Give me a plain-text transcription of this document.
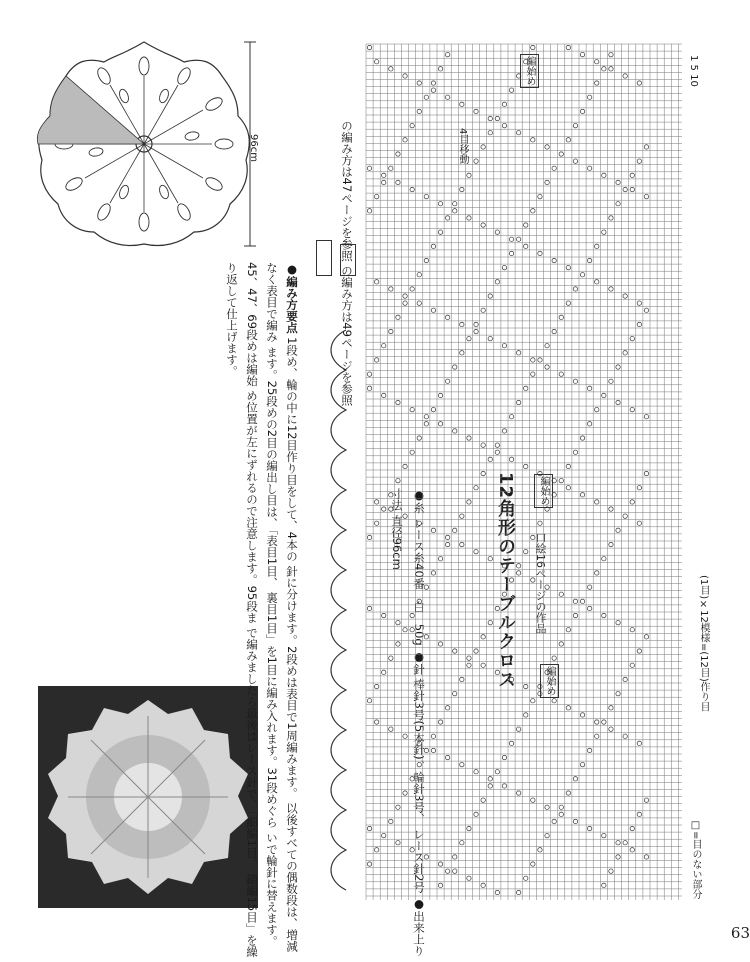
63
96cm
口絵16ページの作品
12角形のテーブルクロス
●糸 レース糸40番　白　50g ●針 棒針3号(5本針)、輪針3号、 レース針2号 ●出来上り寸法 直径96cm
●編み方要点 1段め、輪の中に12目作り目をして、4本の 針に分けます。2段めは表目で1周編みます。 以後すべての偶数段は、増減なく表目で編み ます。25段めの2目の編出し目は、「表目1目、 裏目1目」を1目に編み入れます。31段めぐら いで輪針に替えます。45、47、69段めは編始 め位置が左にずれるので注意します。95段ま で編みましたら最後はレース針で、「細編1目、 鎖編15目」を繰り返して仕上げます。
の編み方は47ページを参照 の編み方は49ページを参照
編始め
4目移動
編始め
編始め	(1目)×12模様=(12目)作り目
□=目のない部分
1 5 10
